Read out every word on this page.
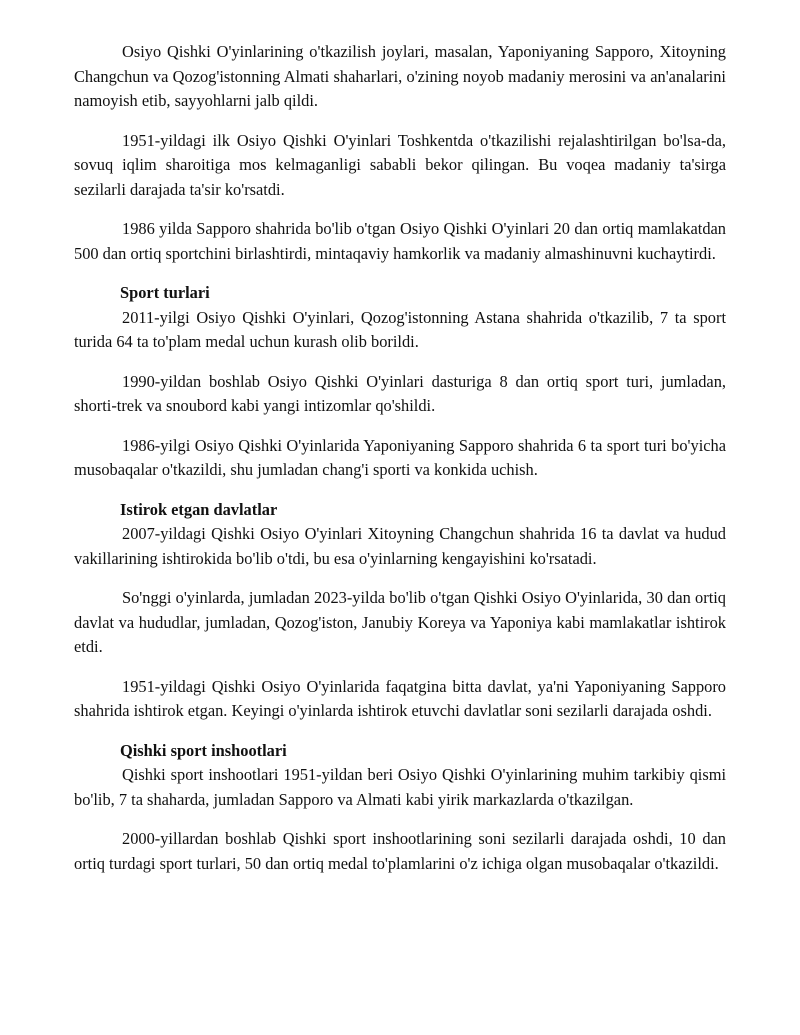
Osiyo Qishki O'yinlarining o'tkazilish joylari, masalan, Yaponiyaning Sapporo, Xitoyning Changchun va Qozog'istonning Almati shaharlari, o'zining noyob madaniy merosini va an'analarini namoyish etib, sayyohlarni jalb qildi.

1951-yildagi ilk Osiyo Qishki O'yinlari Toshkentda o'tkazilishi rejalashtirilgan bo'lsa-da, sovuq iqlim sharoitiga mos kelmaganligi sababli bekor qilingan. Bu voqea madaniy ta'sirga sezilarli darajada ta'sir ko'rsatdi.

1986 yilda Sapporo shahrida bo'lib o'tgan Osiyo Qishki O'yinlari 20 dan ortiq mamlakatdan 500 dan ortiq sportchini birlashtirdi, mintaqaviy hamkorlik va madaniy almashinuvni kuchaytirdi.

Sport turlari

2011-yilgi Osiyo Qishki O'yinlari, Qozog'istonning Astana shahrida o'tkazilib, 7 ta sport turida 64 ta to'plam medal uchun kurash olib borildi.

1990-yildan boshlab Osiyo Qishki O'yinlari dasturiga 8 dan ortiq sport turi, jumladan, shorti-trek va snoubord kabi yangi intizomlar qo'shildi.

1986-yilgi Osiyo Qishki O'yinlarida Yaponiyaning Sapporo shahrida 6 ta sport turi bo'yicha musobaqalar o'tkazildi, shu jumladan chang'i sporti va konkida uchish.

Istirok etgan davlatlar

2007-yildagi Qishki Osiyo O'yinlari Xitoyning Changchun shahrida 16 ta davlat va hudud vakillarining ishtirokida bo'lib o'tdi, bu esa o'yinlarning kengayishini ko'rsatadi.

So'nggi o'yinlarda, jumladan 2023-yilda bo'lib o'tgan Qishki Osiyo O'yinlarida, 30 dan ortiq davlat va hududlar, jumladan, Qozog'iston, Janubiy Koreya va Yaponiya kabi mamlakatlar ishtirok etdi.

1951-yildagi Qishki Osiyo O'yinlarida faqatgina bitta davlat, ya'ni Yaponiyaning Sapporo shahrida ishtirok etgan. Keyingi o'yinlarda ishtirok etuvchi davlatlar soni sezilarli darajada oshdi.

Qishki sport inshootlari

Qishki sport inshootlari 1951-yildan beri Osiyo Qishki O'yinlarining muhim tarkibiy qismi bo'lib, 7 ta shaharda, jumladan Sapporo va Almati kabi yirik markazlarda o'tkazilgan.

2000-yillardan boshlab Qishki sport inshootlarining soni sezilarli darajada oshdi, 10 dan ortiq turdagi sport turlari, 50 dan ortiq medal to'plamlarini o'z ichiga olgan musobaqalar o'tkazildi.
